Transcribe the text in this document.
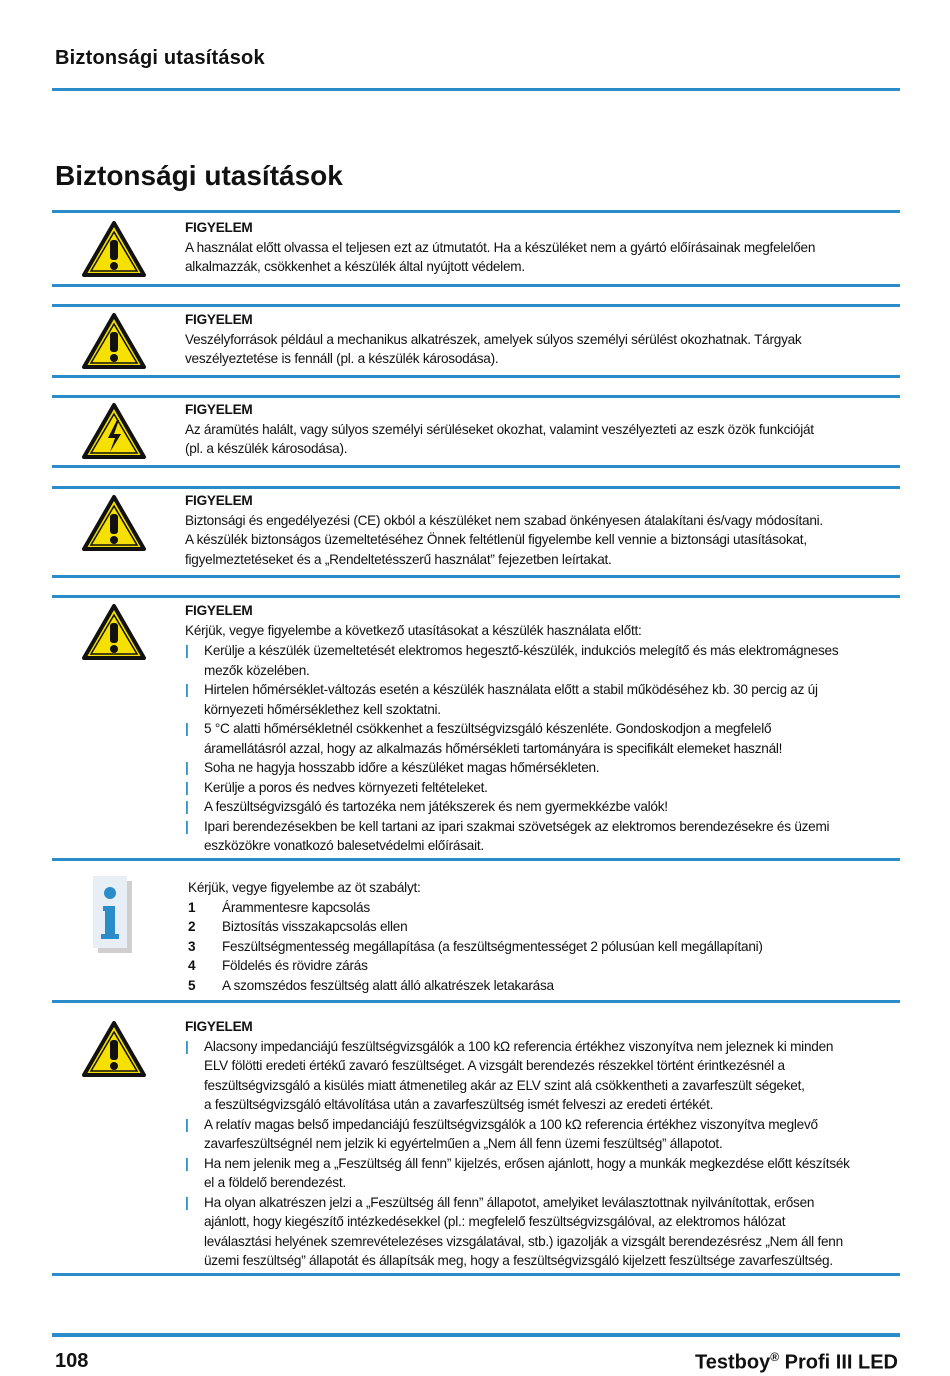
Biztonsági utasítások
Biztonsági utasítások
FIGYELEM
A használat előtt olvassa el teljesen ezt az útmutatót. Ha a készüléket nem a gyártó előírásainak megfelelően
alkalmazzák, csökkenhet a készülék által nyújtott védelem.
FIGYELEM
Veszélyforrások például a mechanikus alkatrészek, amelyek súlyos személyi sérülést okozhatnak. Tárgyak
veszélyeztetése is fennáll (pl. a készülék károsodása).
FIGYELEM
Az áramütés halált, vagy súlyos személyi sérüléseket okozhat, valamint veszélyezteti az eszk özök funkcióját
(pl. a készülék károsodása).
FIGYELEM
Biztonsági és engedélyezési (CE) okból a készüléket nem szabad önkényesen átalakítani és/vagy módosítani.
A készülék biztonságos üzemeltetéséhez Önnek feltétlenül figyelembe kell vennie a biztonsági utasításokat,
figyelmeztetéseket és a „Rendeltetésszerű használat” fejezetben leírtakat.
FIGYELEM
Kérjük, vegye figyelembe a következő utasításokat a készülék használata előtt:
| Kerülje a készülék üzemeltetését elektromos hegesztő-készülék, indukciós melegítő és más elektromágneses
mezők közelében.
| Hirtelen hőmérséklet-változás esetén a készülék használata előtt a stabil működéséhez kb. 30 percig az új
környezeti hőmérséklethez kell szoktatni.
| 5 °C alatti hőmérsékletnél csökkenhet a feszültségvizsgáló készenléte. Gondoskodjon a megfelelő
áramellátásról azzal, hogy az alkalmazás hőmérsékleti tartományára is specifikált elemeket használ!
| Soha ne hagyja hosszabb időre a készüléket magas hőmérsékleten.
| Kerülje a poros és nedves környezeti feltételeket.
| A feszültségvizsgáló és tartozéka nem játékszerek és nem gyermekkézbe valók!
| Ipari berendezésekben be kell tartani az ipari szakmai szövetségek az elektromos berendezésekre és üzemi
eszközökre vonatkozó balesetvédelmi előírásait.
Kérjük, vegye figyelembe az öt szabályt:
1	Árammentesre kapcsolás
2	Biztosítás visszakapcsolás ellen
3	Feszültségmentesség megállapítása (a feszültségmentességet 2 pólusúan kell megállapítani)
4	Földelés és rövidre zárás
5	A szomszédos feszültség alatt álló alkatrészek letakarása
FIGYELEM
| Alacsony impedanciájú feszültségvizsgálók a 100 kΩ referencia értékhez viszonyítva nem jeleznek ki minden
ELV fölötti eredeti értékű zavaró feszültséget. A vizsgált berendezés részekkel történt érintkezésnél a
feszültségvizsgáló a kisülés miatt átmenetileg akár az ELV szint alá csökkentheti a zavarfeszült ségeket,
a feszültségvizsgáló eltávolítása után a zavarfeszültség ismét felveszi az eredeti értékét.
| A relatív magas belső impedanciájú feszültségvizsgálók a 100 kΩ referencia értékhez viszonyítva meglevő
zavarfeszültségnél nem jelzik ki egyértelműen a „Nem áll fenn üzemi feszültség” állapotot.
| Ha nem jelenik meg a „Feszültség áll fenn” kijelzés, erősen ajánlott, hogy a munkák megkezdése előtt készítsék
el a földelő berendezést.
| Ha olyan alkatrészen jelzi a „Feszültség áll fenn” állapotot, amelyiket leválasztottnak nyilvánítottak, erősen
ajánlott, hogy kiegészítő intézkedésekkel (pl.: megfelelő feszültségvizsgálóval, az elektromos hálózat
leválasztási helyének szemrevételezéses vizsgálatával, stb.) igazolják a vizsgált berendezésrész „Nem áll fenn
üzemi feszültség” állapotát és állapítsák meg, hogy a feszültségvizsgáló kijelzett feszültsége zavarfeszültség.
108	Testboy® Profi III LED
